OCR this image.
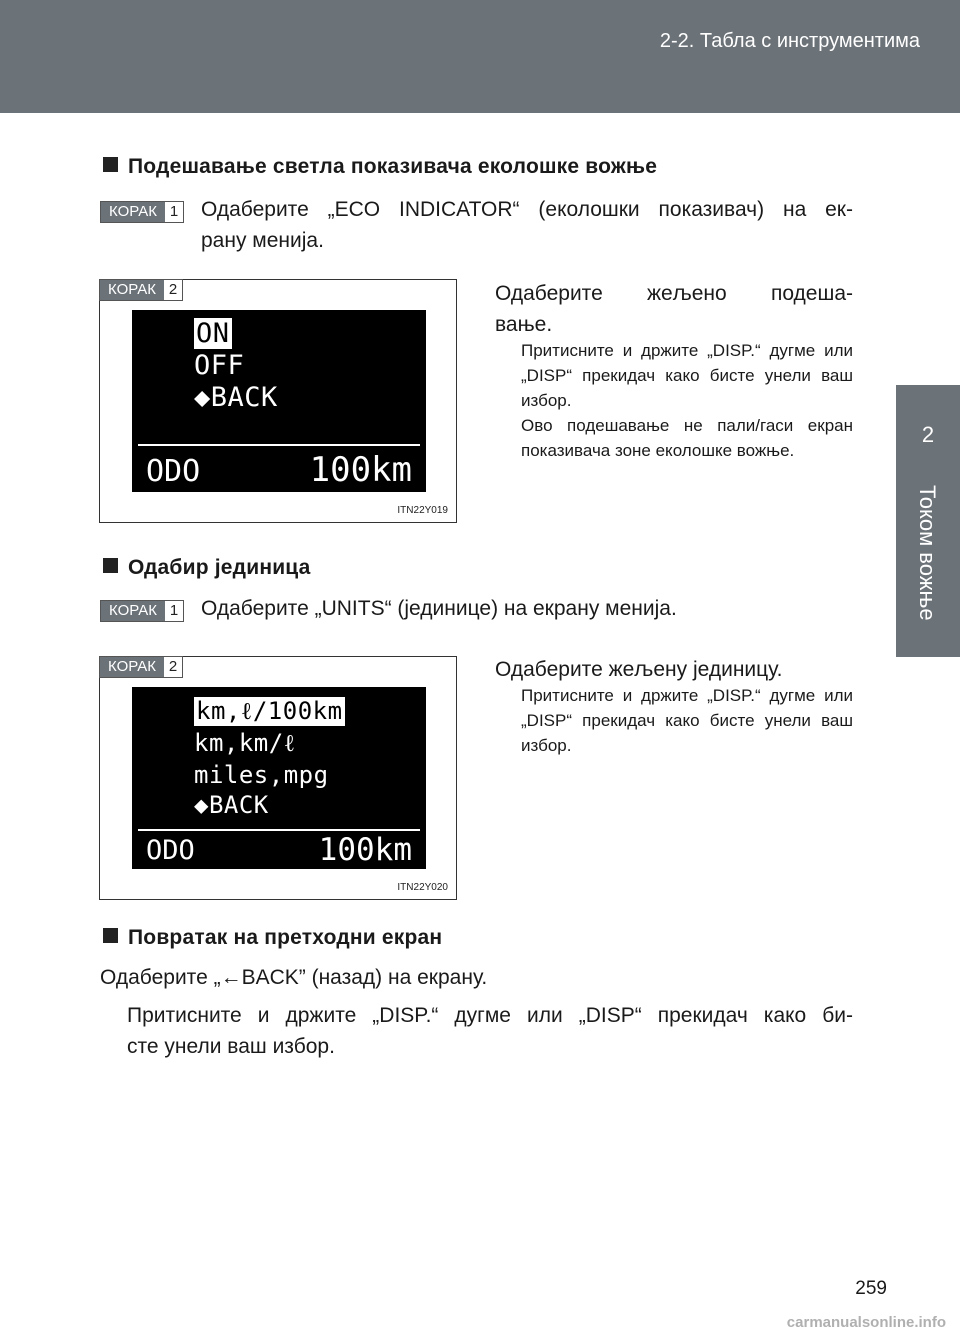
2-2. Табла с инструментима
2
Током вожње
Подешавање светла показивача еколошке вожње
КОРАК 1 Одаберите „ECO INDICATOR“ (еколошки показивач) на ек-
рану менија.
КОРАК 2
ON
OFF
◆BACK
ODO	100km
ITN22Y019
Одаберите жељено подеша-
вање.
Притисните и држите „DISP.“ дугме или „DISP“ прекидач како бисте унели ваш избор.
Ово подешавање не пали/гаси екран показивача зоне еколошке вожње.
Одабир јединица
КОРАК 1 Одаберите „UNITS“ (јединице) на екрану менија.
КОРАК 2
km,ℓ/100km
km,km/ℓ
miles,mpg
◆BACK
ODO	100km
ITN22Y020
Одаберите жељену јединицу.
Притисните и држите „DISP.“ дугме или „DISP“ прекидач како бисте унели ваш избор.
Повратак на претходни екран
Одаберите „←BACK” (назад) на екрану.
Притисните и држите „DISP.“ дугме или „DISP“ прекидач како би-
сте унели ваш избор.
259
carmanualsonline.info
